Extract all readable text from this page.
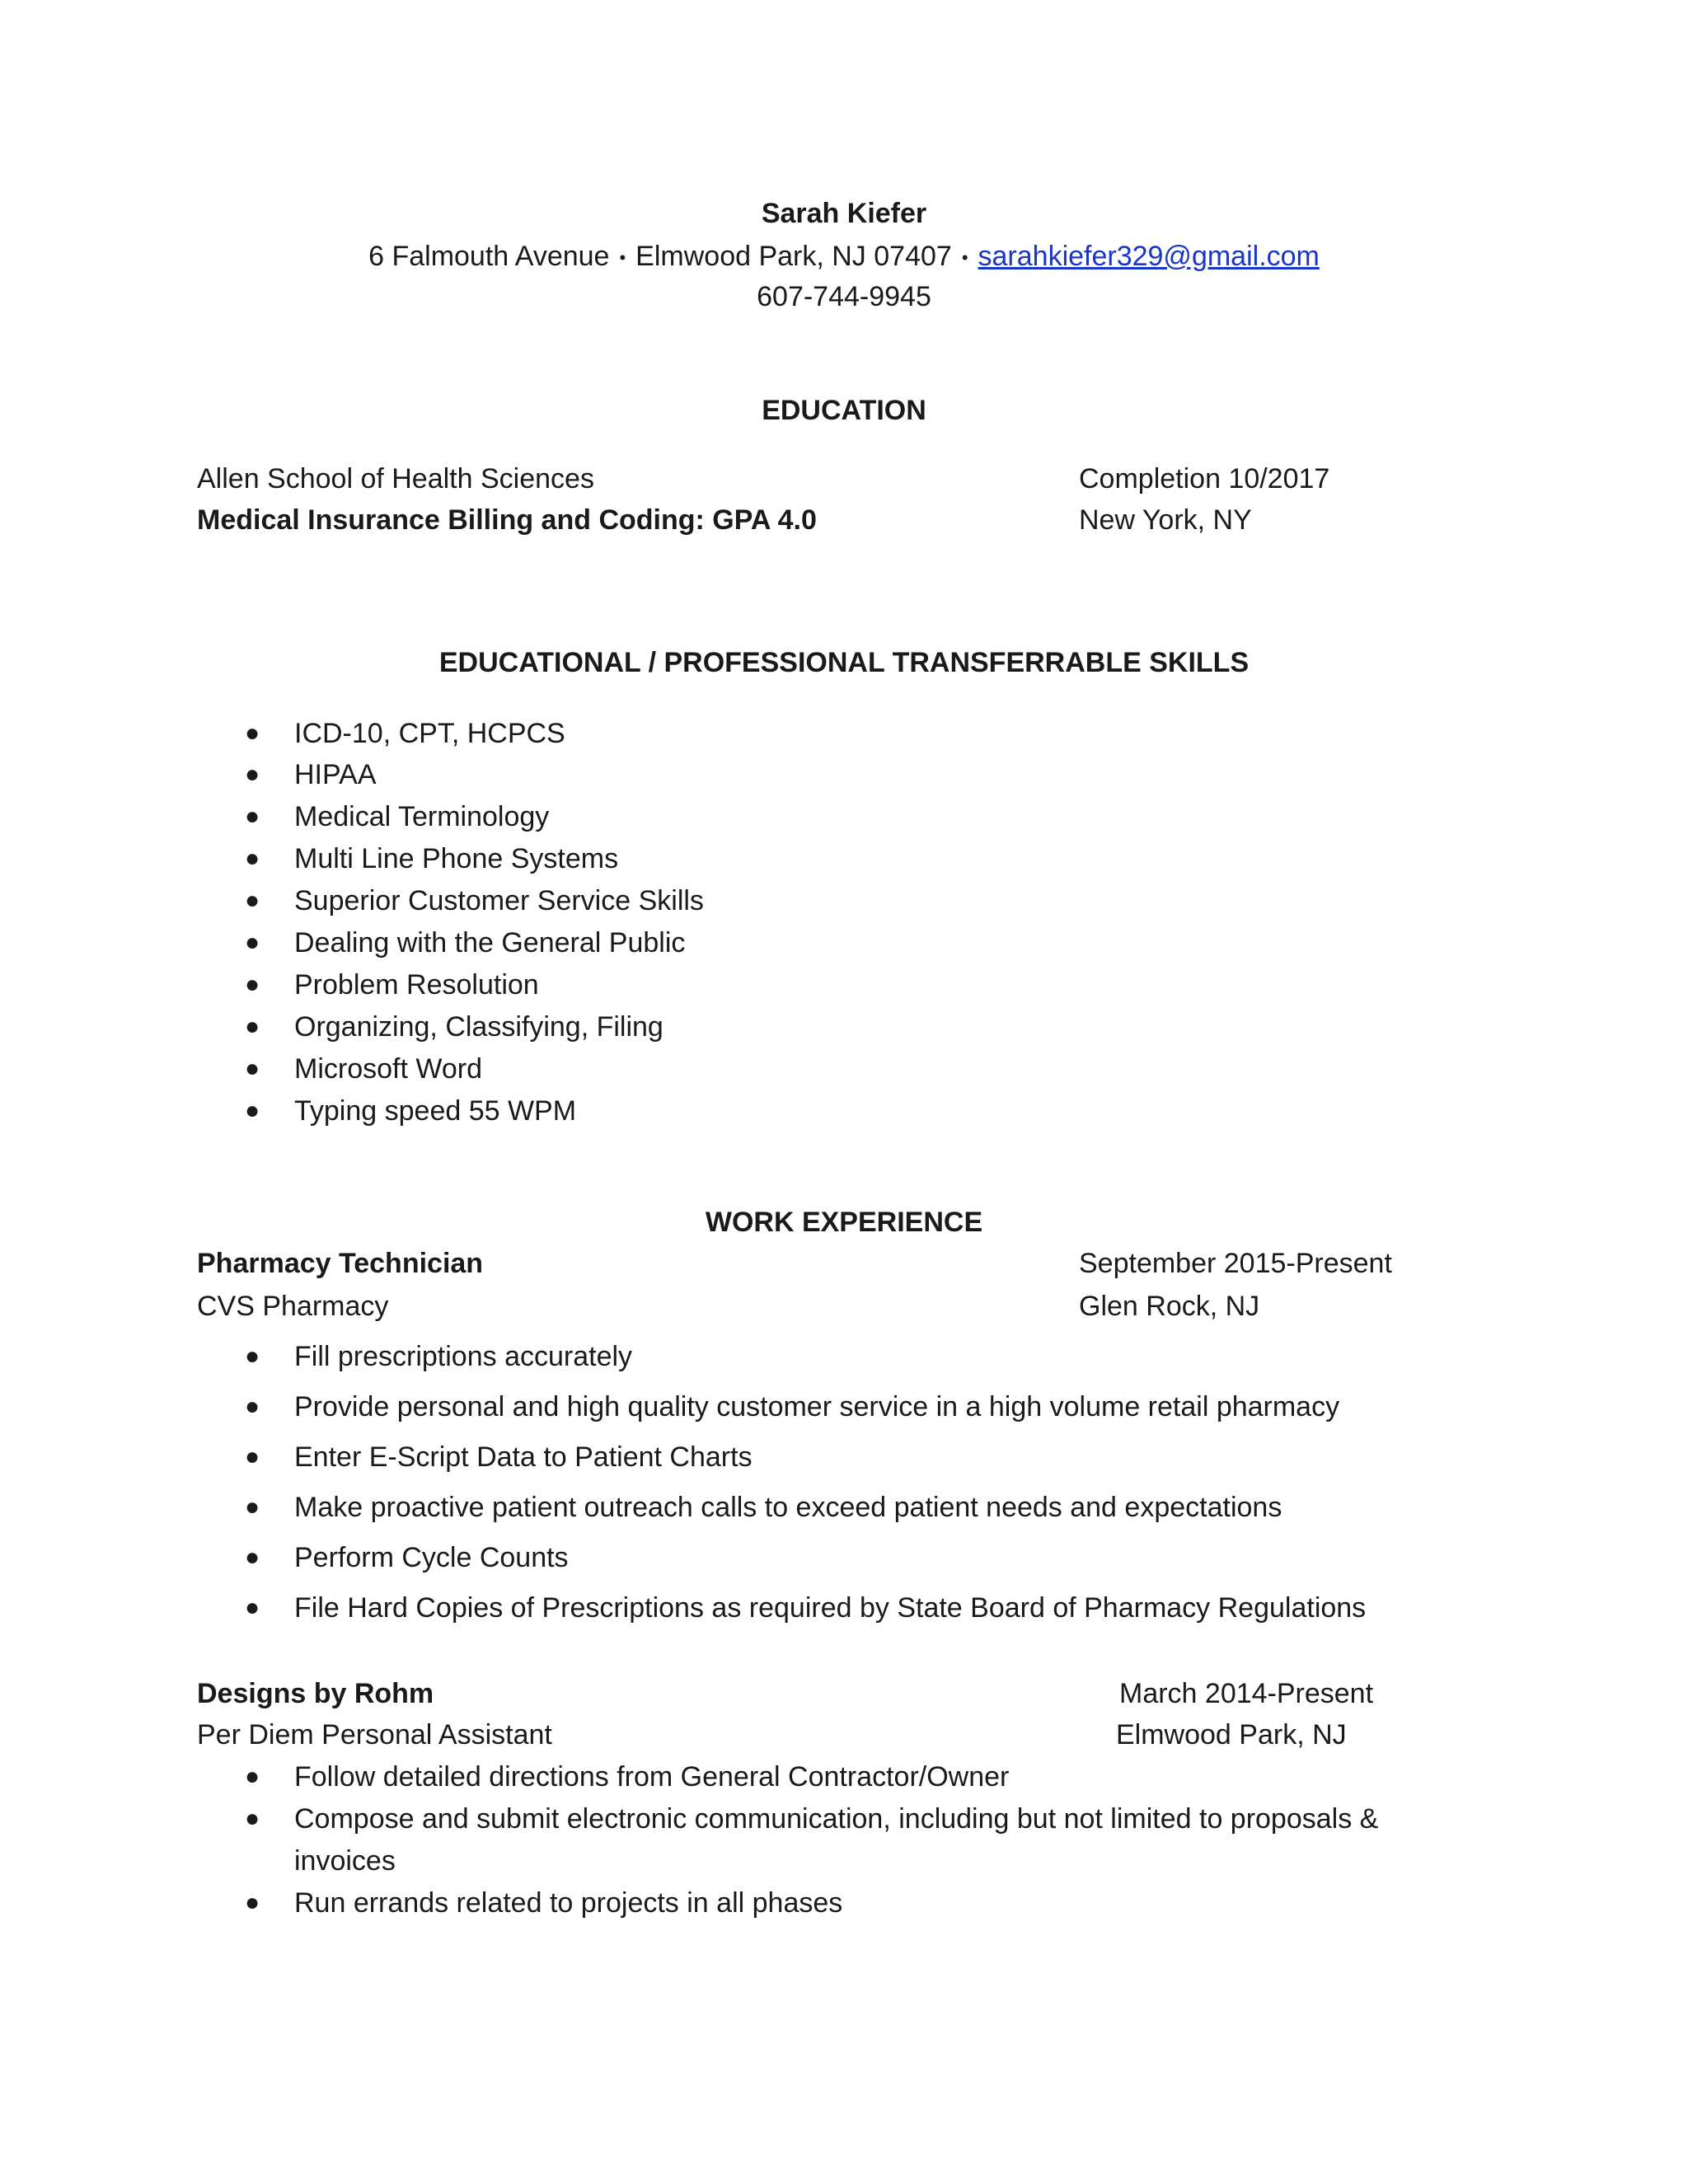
Sarah Kiefer
6 Falmouth Avenue • Elmwood Park, NJ 07407 • sarahkiefer329@gmail.com
607-744-9945
EDUCATION
Allen School of Health Sciences	Completion 10/2017
Medical Insurance Billing and Coding: GPA 4.0	New York, NY
EDUCATIONAL / PROFESSIONAL TRANSFERRABLE SKILLS
● ICD-10, CPT, HCPCS
● HIPAA
● Medical Terminology
● Multi Line Phone Systems
● Superior Customer Service Skills
● Dealing with the General Public
● Problem Resolution
● Organizing, Classifying, Filing
● Microsoft Word
● Typing speed 55 WPM
WORK EXPERIENCE
Pharmacy Technician	September 2015-Present
CVS Pharmacy	Glen Rock, NJ
● Fill prescriptions accurately
● Provide personal and high quality customer service in a high volume retail pharmacy
● Enter E-Script Data to Patient Charts
● Make proactive patient outreach calls to exceed patient needs and expectations
● Perform Cycle Counts
● File Hard Copies of Prescriptions as required by State Board of Pharmacy Regulations
Designs by Rohm	March 2014-Present
Per Diem Personal Assistant	Elmwood Park, NJ
● Follow detailed directions from General Contractor/Owner
● Compose and submit electronic communication, including but not limited to proposals &
invoices
● Run errands related to projects in all phases
